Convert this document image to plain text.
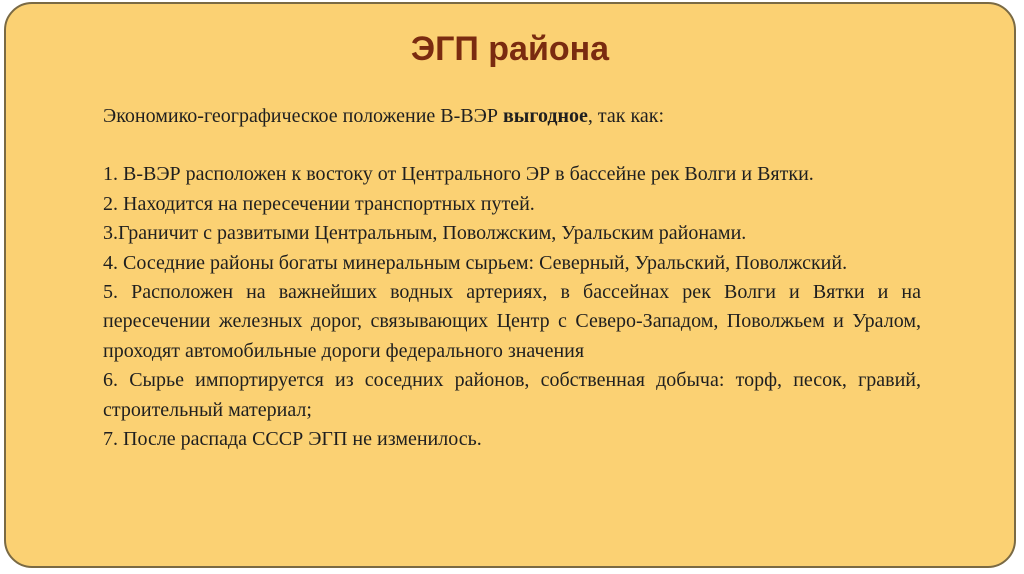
ЭГП района

Экономико-географическое положение В-ВЭР выгодное, так как:

1. В-ВЭР расположен к востоку от Центрального ЭР в бассейне рек Волги и Вятки.
2. Находится на пересечении транспортных путей.
3.Граничит с развитыми Центральным, Поволжским, Уральским районами.
4. Соседние районы богаты минеральным сырьем: Северный, Уральский, Поволжский.
5. Расположен на важнейших водных артериях, в бассейнах рек Волги и Вятки и на пересечении железных дорог, связывающих Центр с Северо-Западом, Поволжьем и Уралом, проходят автомобильные дороги федерального значения
6. Сырье импортируется из соседних районов, собственная добыча: торф, песок, гравий, строительный материал;
7. После распада СССР ЭГП не изменилось.
